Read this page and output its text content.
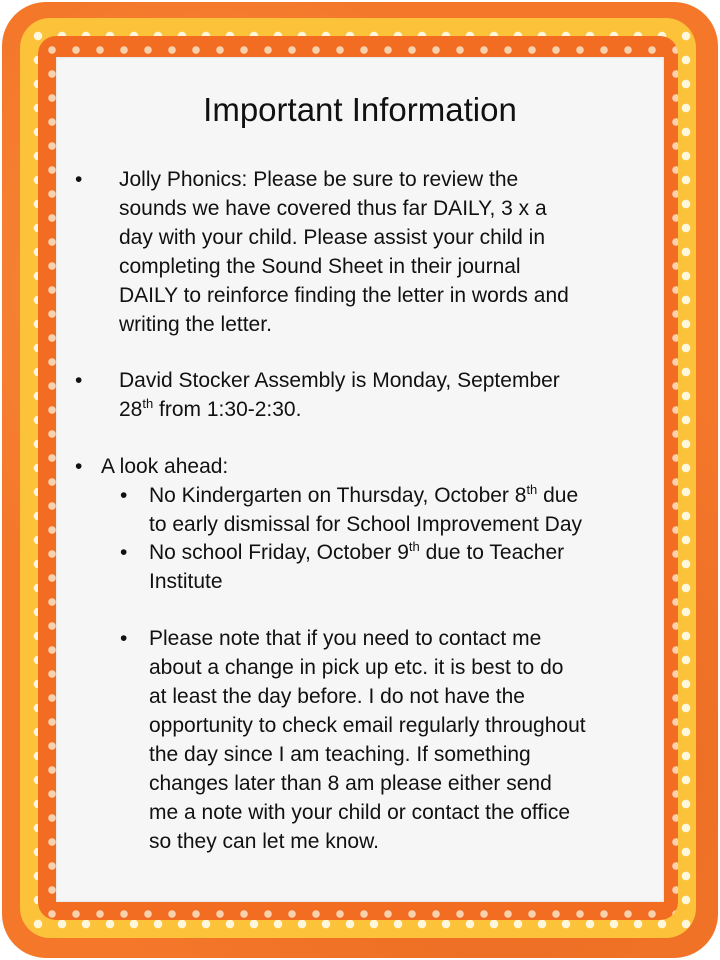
Important Information
• Jolly Phonics: Please be sure to review the
sounds we have covered thus far DAILY, 3 x a
day with your child. Please assist your child in
completing the Sound Sheet in their journal
DAILY to reinforce finding the letter in words and
writing the letter.
• David Stocker Assembly is Monday, September
28th from 1:30-2:30.
• A look ahead:
• No Kindergarten on Thursday, October 8th due
to early dismissal for School Improvement Day
• No school Friday, October 9th due to Teacher
Institute
• Please note that if you need to contact me
about a change in pick up etc. it is best to do
at least the day before. I do not have the
opportunity to check email regularly throughout
the day since I am teaching. If something
changes later than 8 am please either send
me a note with your child or contact the office
so they can let me know.
